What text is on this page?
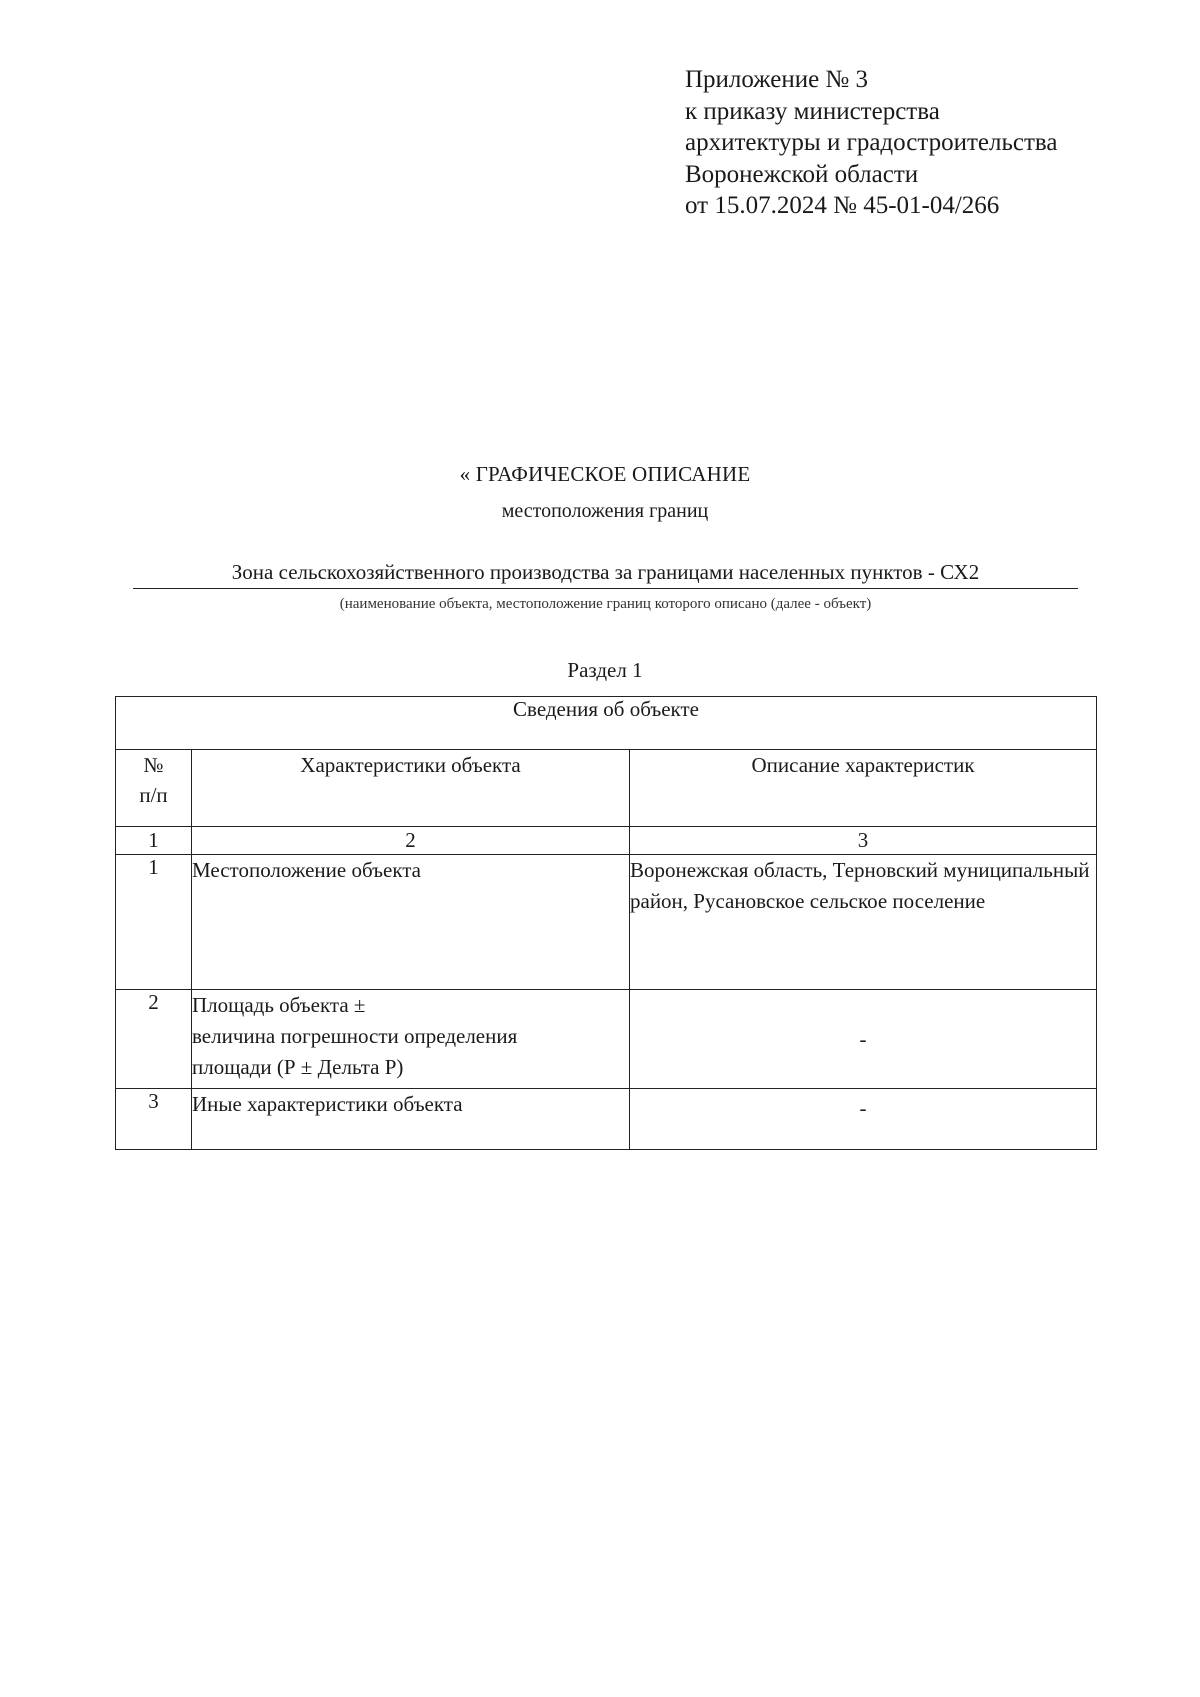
Приложение № 3
к приказу министерства
архитектуры и градостроительства
Воронежской области
от 15.07.2024 № 45-01-04/266
« ГРАФИЧЕСКОЕ ОПИСАНИЕ
местоположения границ
Зона сельскохозяйственного производства за границами населенных пунктов - СХ2
(наименование объекта, местоположение границ которого описано (далее - объект)
Раздел 1
Сведения об объекте		

№
п/п	Характеристики объекта	Описание характеристик
1	2	3
1	Местоположение объекта	Воронежская область, Терновский муниципальный район, Русановское сельское поселение
2	Площадь объекта ±
величина погрешности определения
площади (Р ± Дельта Р)	-
3	Иные характеристики объекта	-
